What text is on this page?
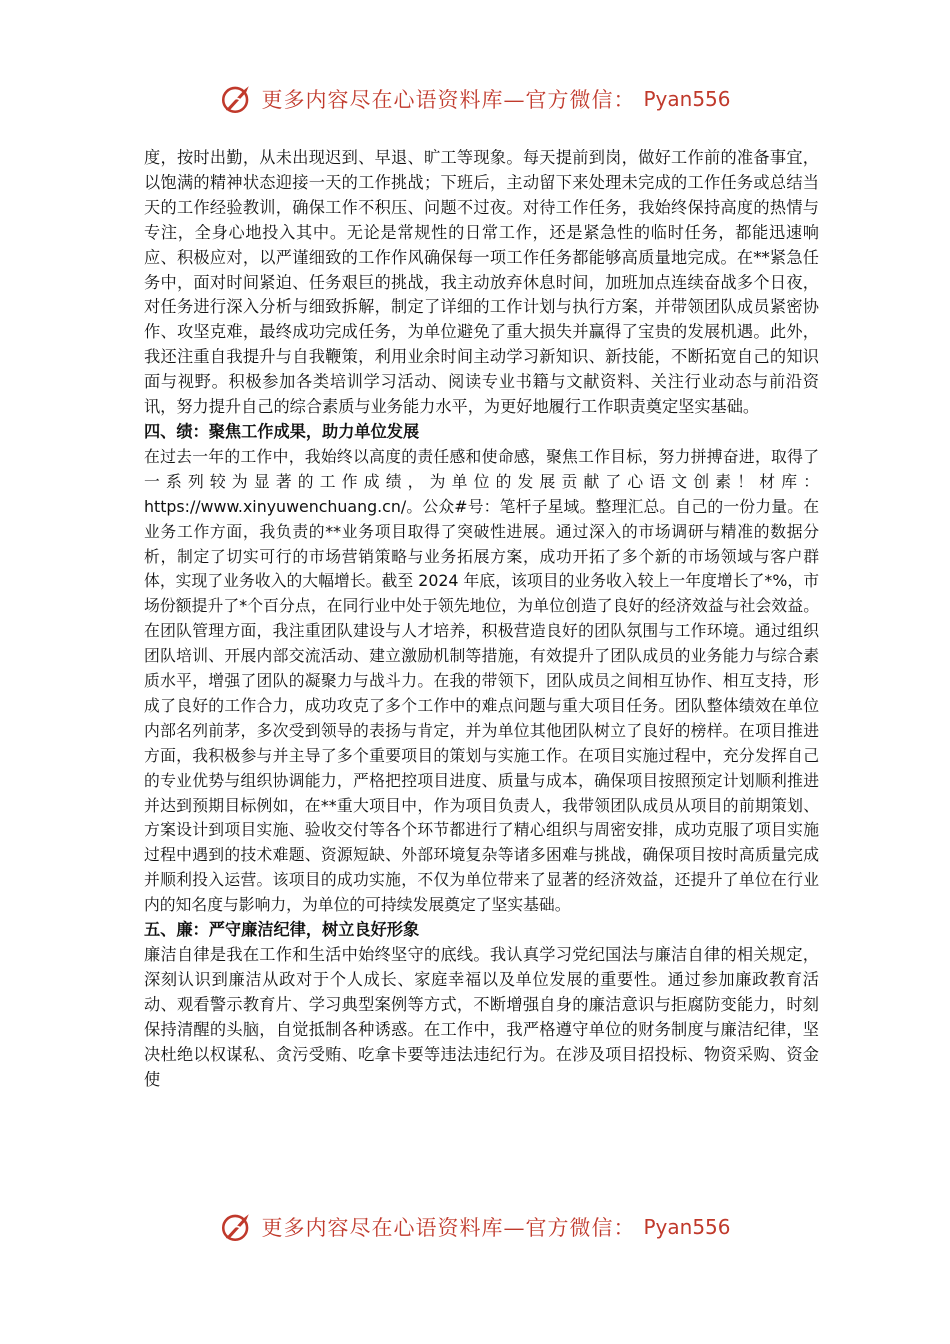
更多内容尽在心语资料库—官方微信： Pyan556

度，按时出勤，从未出现迟到、早退、旷工等现象。每天提前到岗，做好工作前的准备事宜，以饱满的精神状态迎接一天的工作挑战；下班后，主动留下来处理未完成的工作任务或总结当天的工作经验教训，确保工作不积压、问题不过夜。对待工作任务，我始终保持高度的热情与专注，全身心地投入其中。无论是常规性的日常工作，还是紧急性的临时任务，都能迅速响应、积极应对，以严谨细致的工作作风确保每一项工作任务都能够高质量地完成。在**紧急任务中，面对时间紧迫、任务艰巨的挑战，我主动放弃休息时间，加班加点连续奋战多个日夜，对任务进行深入分析与细致拆解，制定了详细的工作计划与执行方案，并带领团队成员紧密协作、攻坚克难，最终成功完成任务，为单位避免了重大损失并赢得了宝贵的发展机遇。此外，我还注重自我提升与自我鞭策，利用业余时间主动学习新知识、新技能，不断拓宽自己的知识面与视野。积极参加各类培训学习活动、阅读专业书籍与文献资料、关注行业动态与前沿资讯，努力提升自己的综合素质与业务能力水平，为更好地履行工作职责奠定坚实基础。

四、绩：聚焦工作成果，助力单位发展

在过去一年的工作中，我始终以高度的责任感和使命感，聚焦工作目标，努力拼搏奋进，取得了一系列较为显著的工作成绩，为单位的发展贡献了心语文创素！材库：https://www.xinyuwenchuang.cn/。公众#号：笔杆子星域。整理汇总。自己的一份力量。在业务工作方面，我负责的**业务项目取得了突破性进展。通过深入的市场调研与精准的数据分析，制定了切实可行的市场营销策略与业务拓展方案，成功开拓了多个新的市场领域与客户群体，实现了业务收入的大幅增长。截至 2024 年底，该项目的业务收入较上一年度增长了*%，市场份额提升了*个百分点，在同行业中处于领先地位，为单位创造了良好的经济效益与社会效益。在团队管理方面，我注重团队建设与人才培养，积极营造良好的团队氛围与工作环境。通过组织团队培训、开展内部交流活动、建立激励机制等措施，有效提升了团队成员的业务能力与综合素质水平，增强了团队的凝聚力与战斗力。在我的带领下，团队成员之间相互协作、相互支持，形成了良好的工作合力，成功攻克了多个工作中的难点问题与重大项目任务。团队整体绩效在单位内部名列前茅，多次受到领导的表扬与肯定，并为单位其他团队树立了良好的榜样。在项目推进方面，我积极参与并主导了多个重要项目的策划与实施工作。在项目实施过程中，充分发挥自己的专业优势与组织协调能力，严格把控项目进度、质量与成本，确保项目按照预定计划顺利推进并达到预期目标例如，在**重大项目中，作为项目负责人，我带领团队成员从项目的前期策划、方案设计到项目实施、验收交付等各个环节都进行了精心组织与周密安排，成功克服了项目实施过程中遇到的技术难题、资源短缺、外部环境复杂等诸多困难与挑战，确保项目按时高质量完成并顺利投入运营。该项目的成功实施，不仅为单位带来了显著的经济效益，还提升了单位在行业内的知名度与影响力，为单位的可持续发展奠定了坚实基础。

五、廉：严守廉洁纪律，树立良好形象

廉洁自律是我在工作和生活中始终坚守的底线。我认真学习党纪国法与廉洁自律的相关规定，深刻认识到廉洁从政对于个人成长、家庭幸福以及单位发展的重要性。通过参加廉政教育活动、观看警示教育片、学习典型案例等方式，不断增强自身的廉洁意识与拒腐防变能力，时刻保持清醒的头脑，自觉抵制各种诱惑。在工作中，我严格遵守单位的财务制度与廉洁纪律，坚决杜绝以权谋私、贪污受贿、吃拿卡要等违法违纪行为。在涉及项目招投标、物资采购、资金使

更多内容尽在心语资料库—官方微信： Pyan556
